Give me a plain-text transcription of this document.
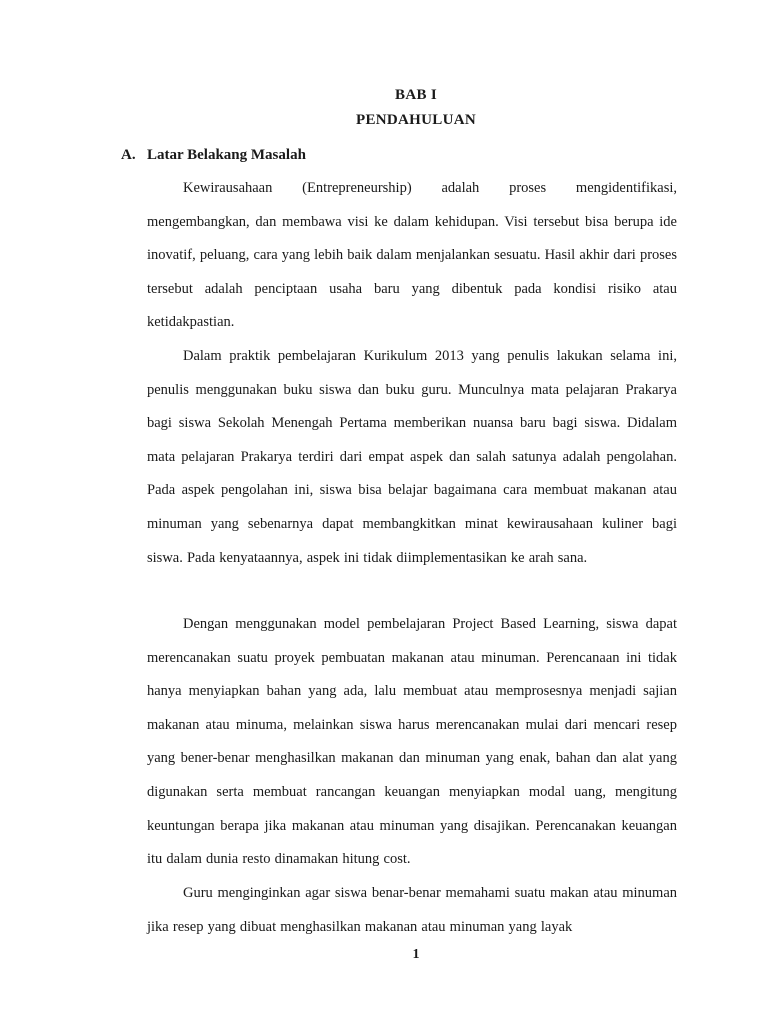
BAB I
PENDAHULUAN
A. Latar Belakang Masalah

Kewirausahaan (Entrepreneurship) adalah proses mengidentifikasi, mengembangkan, dan membawa visi ke dalam kehidupan. Visi tersebut bisa berupa ide inovatif, peluang, cara yang lebih baik dalam menjalankan sesuatu. Hasil akhir dari proses tersebut adalah penciptaan usaha baru yang dibentuk pada kondisi risiko atau ketidakpastian.

Dalam praktik pembelajaran Kurikulum 2013 yang penulis lakukan selama ini, penulis menggunakan buku siswa dan buku guru. Munculnya mata pelajaran Prakarya bagi siswa Sekolah Menengah Pertama memberikan nuansa baru bagi siswa. Didalam mata pelajaran Prakarya terdiri dari empat aspek dan salah satunya adalah pengolahan. Pada aspek pengolahan ini, siswa bisa belajar bagaimana cara membuat makanan atau minuman yang sebenarnya dapat membangkitkan minat kewirausahaan kuliner bagi siswa. Pada kenyataannya, aspek ini tidak diimplementasikan ke arah sana.

Dengan menggunakan model pembelajaran Project Based Learning, siswa dapat merencanakan suatu proyek pembuatan makanan atau minuman. Perencanaan ini tidak hanya menyiapkan bahan yang ada, lalu membuat atau memprosesnya menjadi sajian makanan atau minuma, melainkan siswa harus merencanakan mulai dari mencari resep yang bener-benar menghasilkan makanan dan minuman yang enak, bahan dan alat yang digunakan serta membuat rancangan keuangan menyiapkan modal uang, mengitung keuntungan berapa jika makanan atau minuman yang disajikan. Perencanakan keuangan itu dalam dunia resto dinamakan hitung cost.

Guru menginginkan agar siswa benar-benar memahami suatu makan atau minuman jika resep yang dibuat menghasilkan makanan atau minuman yang layak

1
